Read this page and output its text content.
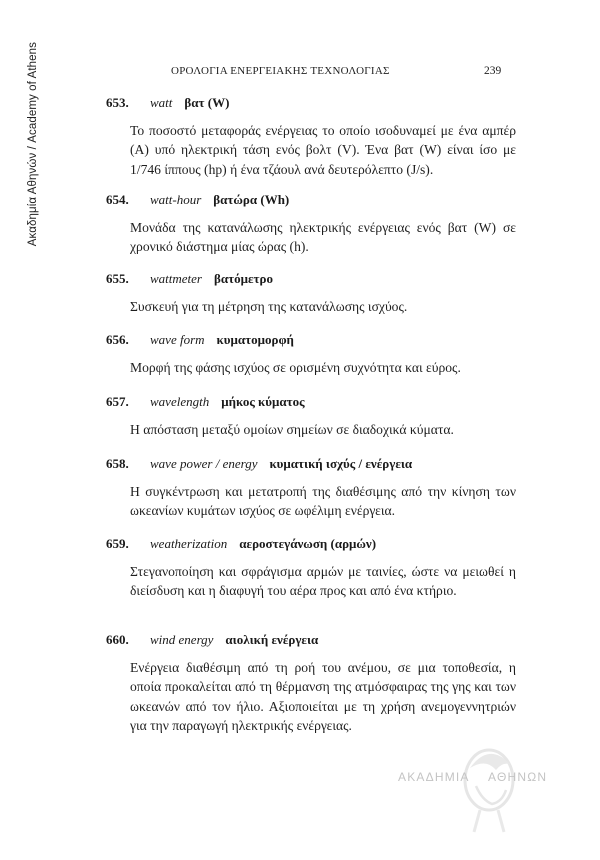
Ακαδημία Αθηνών / Academy of Athens	ΟΡΟΛΟΓΙΑ ΕΝΕΡΓΕΙΑΚΗΣ ΤΕΧΝΟΛΟΓΙΑΣ	239
653. watt βατ (W)
Το ποσοστό μεταφοράς ενέργειας το οποίο ισοδυναμεί με ένα αμπέρ (A) υπό ηλεκτρική τάση ενός βολτ (V). Ένα βατ (W) είναι ίσο με 1/746 ίππους (hp) ή ένα τζάουλ ανά δευτερόλεπτο (J/s).
654. watt-hour βατώρα (Wh)
Μονάδα της κατανάλωσης ηλεκτρικής ενέργειας ενός βατ (W) σε χρονικό διάστημα μίας ώρας (h).
655. wattmeter βατόμετρο
Συσκευή για τη μέτρηση της κατανάλωσης ισχύος.
656. wave form κυματομορφή
Μορφή της φάσης ισχύος σε ορισμένη συχνότητα και εύρος.
657. wavelength μήκος κύματος
Η απόσταση μεταξύ ομοίων σημείων σε διαδοχικά κύματα.
658. wave power / energy κυματική ισχύς / ενέργεια
Η συγκέντρωση και μετατροπή της διαθέσιμης από την κίνηση των ωκεανίων κυμάτων ισχύος σε ωφέλιμη ενέργεια.
659. weatherization αεροστεγάνωση (αρμών)
Στεγανοποίηση και σφράγισμα αρμών με ταινίες, ώστε να μειωθεί η διείσδυση και η διαφυγή του αέρα προς και από ένα κτήριο.
660. wind energy αιολική ενέργεια
Ενέργεια διαθέσιμη από τη ροή του ανέμου, σε μια τοποθεσία, η οποία προκαλείται από τη θέρμανση της ατμόσφαιρας της γης και των ωκεανών από τον ήλιο. Αξιοποιείται με τη χρήση ανεμογεννητριών για την παραγωγή ηλεκτρικής ενέργειας.
ΑΚΑΔΗΜΙΑ ΑΘΗΝΩΝ
